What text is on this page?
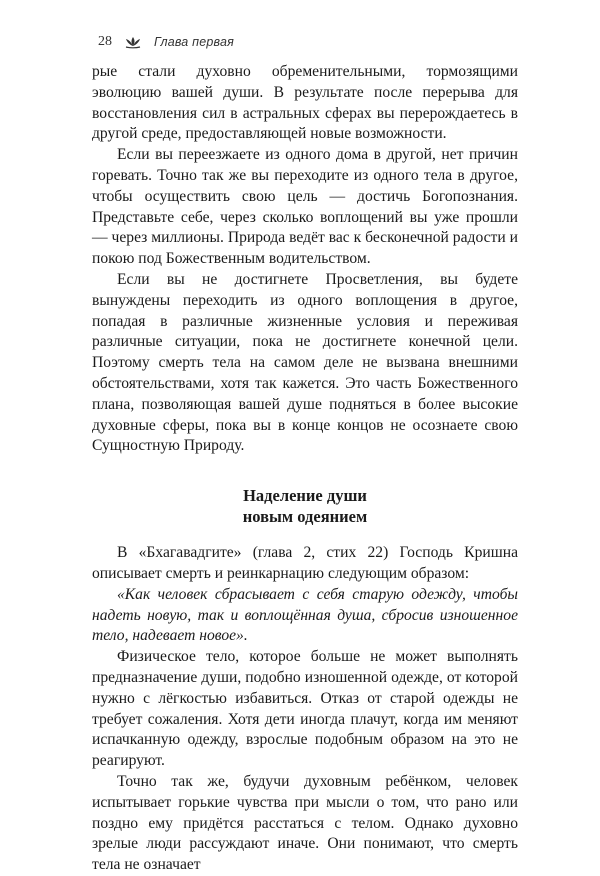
28	Глава первая

рые стали духовно обременительными, тормозящими эволюцию вашей души. В результате после перерыва для восстановления сил в астральных сферах вы перерождаетесь в другой среде, предоставляющей новые возможности.

Если вы переезжаете из одного дома в другой, нет причин горевать. Точно так же вы переходите из одного тела в другое, чтобы осуществить свою цель — достичь Богопознания. Представьте себе, через сколько воплощений вы уже прошли — через миллионы. Природа ведёт вас к бесконечной радости и покою под Божественным водительством.

Если вы не достигнете Просветления, вы будете вынуждены переходить из одного воплощения в другое, попадая в различные жизненные условия и переживая различные ситуации, пока не достигнете конечной цели. Поэтому смерть тела на самом деле не вызвана внешними обстоятельствами, хотя так кажется. Это часть Божественного плана, позволяющая вашей душе подняться в более высокие духовные сферы, пока вы в конце концов не осознаете свою Сущностную Природу.

Наделение души
новым одеянием

В «Бхагавадгите» (глава 2, стих 22) Господь Кришна описывает смерть и реинкарнацию следующим образом:

«Как человек сбрасывает с себя старую одежду, чтобы надеть новую, так и воплощённая душа, сбросив изношенное тело, надевает новое».

Физическое тело, которое больше не может выполнять предназначение души, подобно изношенной одежде, от которой нужно с лёгкостью избавиться. Отказ от старой одежды не требует сожаления. Хотя дети иногда плачут, когда им меняют испачканную одежду, взрослые подобным образом на это не реагируют.

Точно так же, будучи духовным ребёнком, человек испытывает горькие чувства при мысли о том, что рано или поздно ему придётся расстаться с телом. Однако духовно зрелые люди рассуждают иначе. Они понимают, что смерть тела не означает
